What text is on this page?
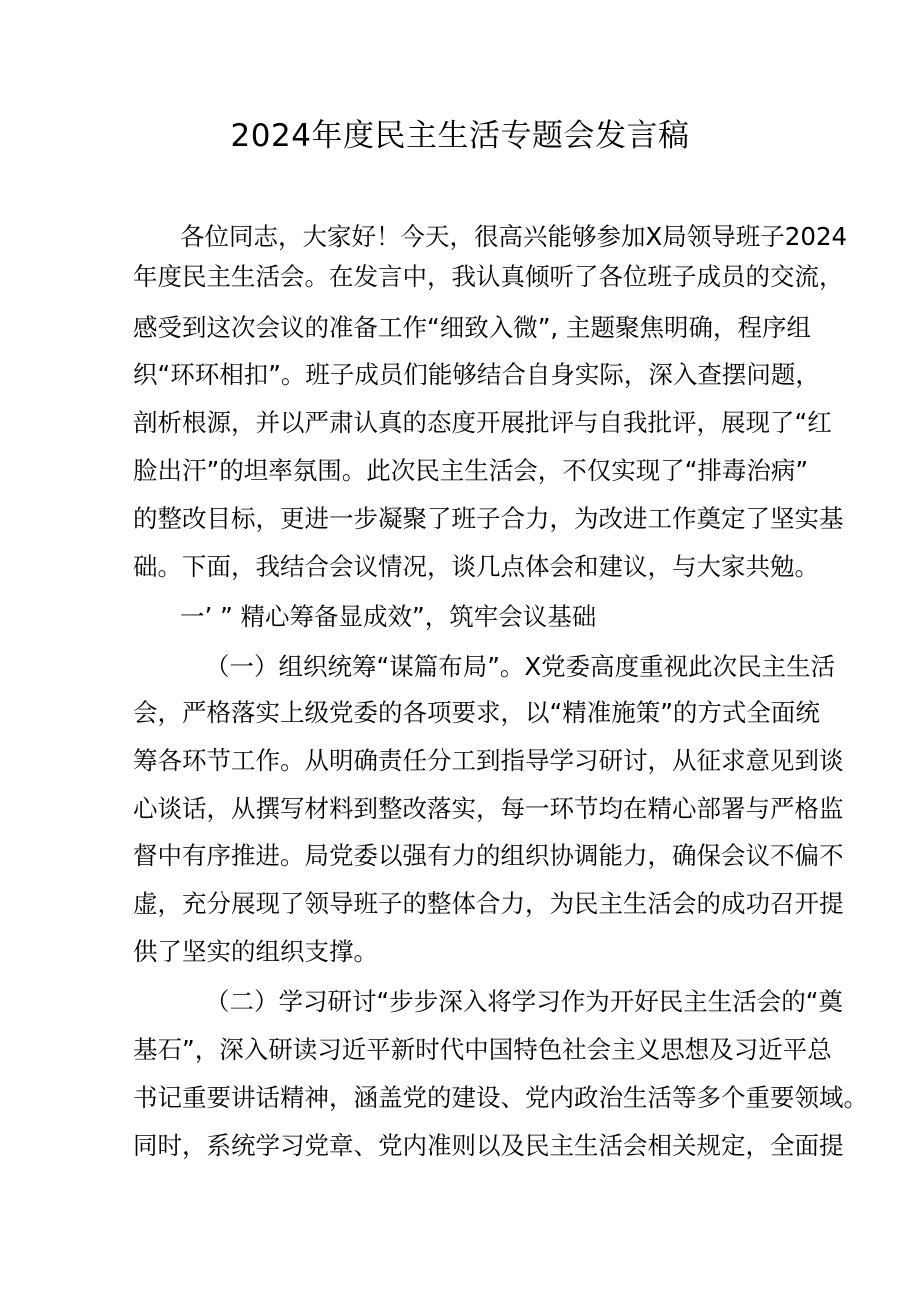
2024年度民主生活专题会发言稿
各位同志，大家好！今天，很高兴能够参加X局领导班子2024
年度民主生活会。在发言中，我认真倾听了各位班子成员的交流，
感受到这次会议的准备工作“细致入微”, 主题聚焦明确，程序组
织“环环相扣”。班子成员们能够结合自身实际，深入查摆问题，
剖析根源，并以严肃认真的态度开展批评与自我批评，展现了“红
脸出汗”的坦率氛围。此次民主生活会，不仅实现了“排毒治病”
的整改目标，更进一步凝聚了班子合力，为改进工作奠定了坚实基
础。下面，我结合会议情况，谈几点体会和建议，与大家共勉。
一’ ” 精心筹备显成效”，筑牢会议基础
（一）组织统筹“谋篇布局”。X党委高度重视此次民主生活
会，严格落实上级党委的各项要求，以“精准施策”的方式全面统
筹各环节工作。从明确责任分工到指导学习研讨，从征求意见到谈
心谈话，从撰写材料到整改落实，每一环节均在精心部署与严格监
督中有序推进。局党委以强有力的组织协调能力，确保会议不偏不
虚，充分展现了领导班子的整体合力，为民主生活会的成功召开提
供了坚实的组织支撑。
（二）学习研讨“步步深入将学习作为开好民主生活会的“奠
基石”，深入研读习近平新时代中国特色社会主义思想及习近平总
书记重要讲话精神，涵盖党的建设、党内政治生活等多个重要领域。
同时，系统学习党章、党内准则以及民主生活会相关规定，全面提
